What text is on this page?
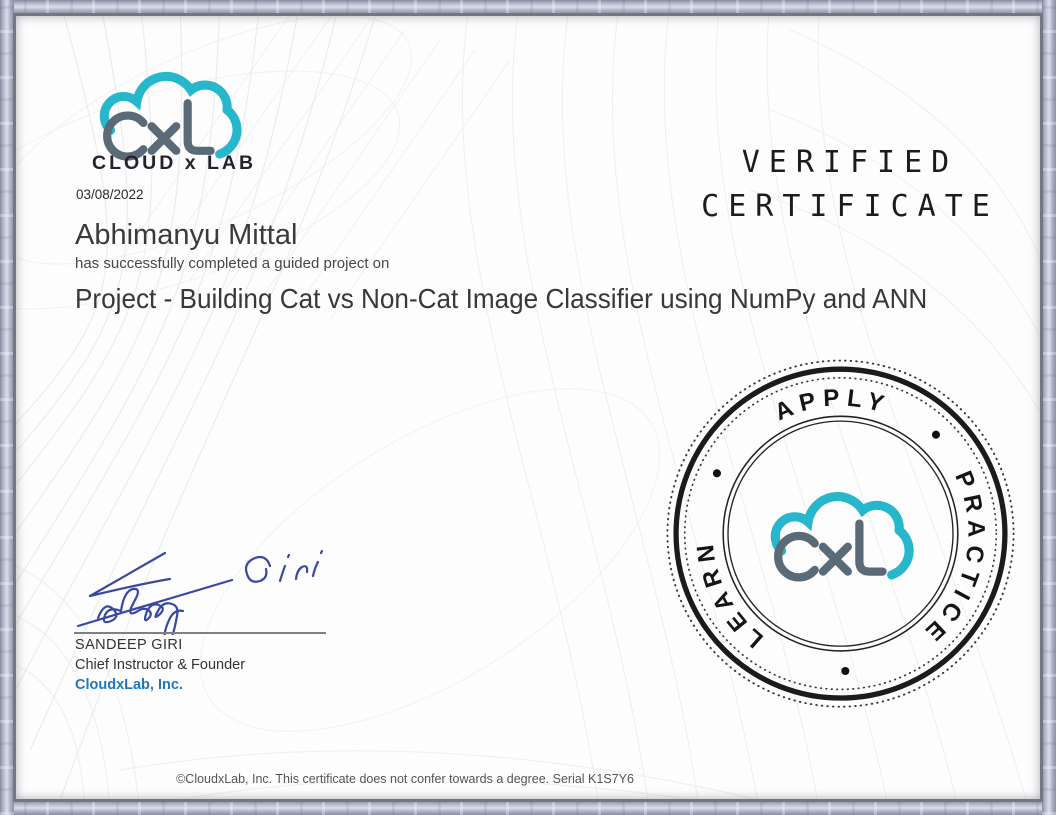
CLOUD x LAB
03/08/2022
VERIFIED
CERTIFICATE
Abhimanyu Mittal
has successfully completed a guided project on
Project - Building Cat vs Non-Cat Image Classifier using NumPy and ANN
SANDEEP GIRI
Chief Instructor & Founder
CloudxLab, Inc.
APPLY
PRACTICE
LEARN
©CloudxLab, Inc. This certificate does not confer towards a degree. Serial K1S7Y6
